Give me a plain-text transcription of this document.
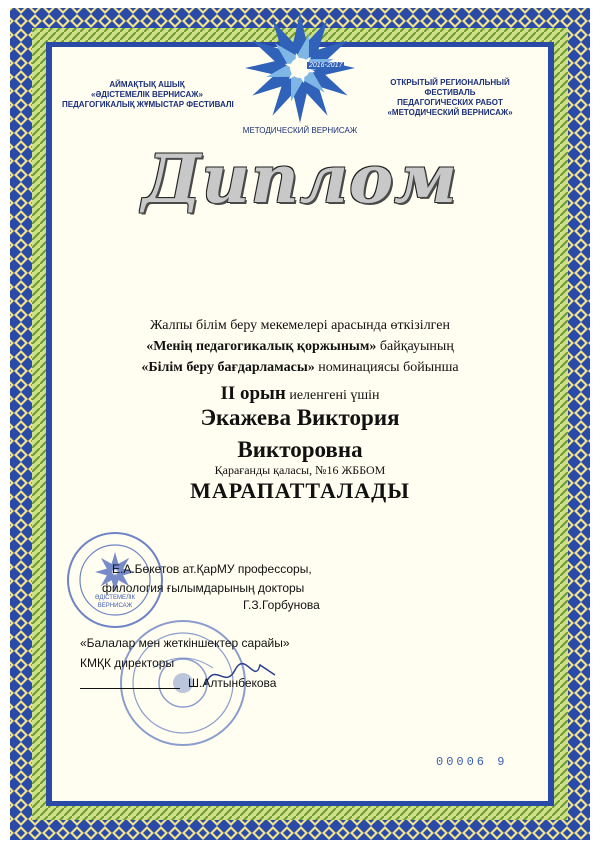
АЙМАҚТЫҚ АШЫҚ
«ӘДІСТЕМЕЛІК ВЕРНИСАЖ»
ПЕДАГОГИКАЛЫҚ ЖҰМЫСТАР ФЕСТИВАЛІ
2016-2017
МЕТОДИЧЕСКИЙ ВЕРНИСАЖ
ОТКРЫТЫЙ РЕГИОНАЛЬНЫЙ
ФЕСТИВАЛЬ
ПЕДАГОГИЧЕСКИХ РАБОТ
«МЕТОДИЧЕСКИЙ ВЕРНИСАЖ»
Диплом
Жалпы білім беру мекемелері арасында өткізілген
«Менің педагогикалық қоржыным» байқауының
«Білім беру бағдарламасы» номинациясы бойынша
II орын иеленгені үшін
Экажева Виктория
Викторовна
Қарағанды қаласы, №16 ЖББОМ
МАРАПАТТАЛАДЫ
ӘДІСТЕМЕЛІК ВЕРНИСАЖ
Е.А.Бөкетов ат.ҚарМУ профессоры,
филология ғылымдарының докторы
Г.З.Горбунова
«Балалар мен жеткіншектер сарайы»
КМҚК директоры
Ш.Алтынбекова
00006 9
